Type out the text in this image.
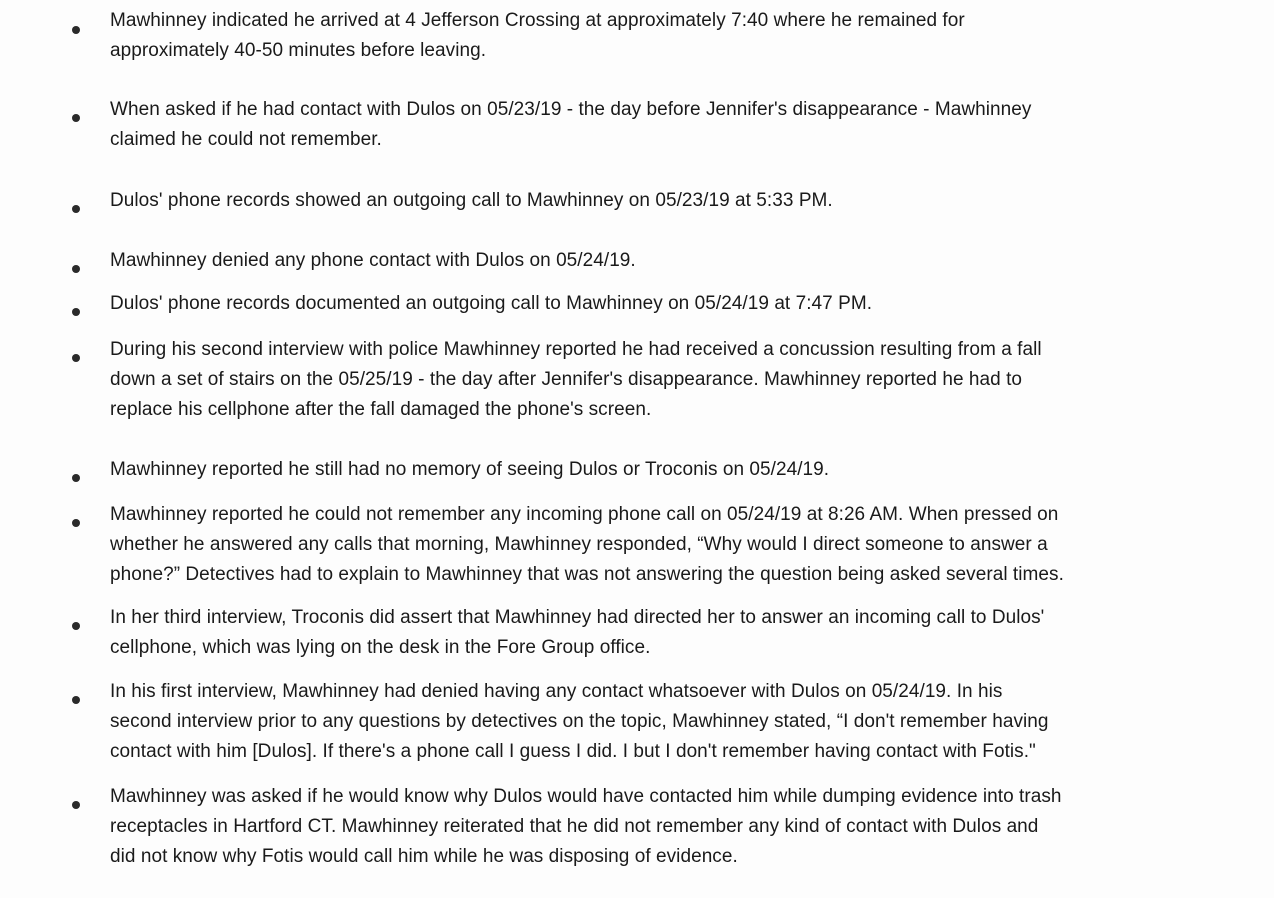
Mawhinney indicated he arrived at 4 Jefferson Crossing at approximately 7:40 where he remained for
approximately 40-50 minutes before leaving.
When asked if he had contact with Dulos on 05/23/19 - the day before Jennifer's disappearance - Mawhinney
claimed he could not remember.
Dulos' phone records showed an outgoing call to Mawhinney on 05/23/19 at 5:33 PM.
Mawhinney denied any phone contact with Dulos on 05/24/19.
Dulos' phone records documented an outgoing call to Mawhinney on 05/24/19 at 7:47 PM.
During his second interview with police Mawhinney reported he had received a concussion resulting from a fall
down a set of stairs on the 05/25/19 - the day after Jennifer's disappearance. Mawhinney reported he had to
replace his cellphone after the fall damaged the phone's screen.
Mawhinney reported he still had no memory of seeing Dulos or Troconis on 05/24/19.
Mawhinney reported he could not remember any incoming phone call on 05/24/19 at 8:26 AM. When pressed on
whether he answered any calls that morning, Mawhinney responded, “Why would I direct someone to answer a
phone?” Detectives had to explain to Mawhinney that was not answering the question being asked several times.
In her third interview, Troconis did assert that Mawhinney had directed her to answer an incoming call to Dulos'
cellphone, which was lying on the desk in the Fore Group office.
In his first interview, Mawhinney had denied having any contact whatsoever with Dulos on 05/24/19. In his
second interview prior to any questions by detectives on the topic, Mawhinney stated, “I don't remember having
contact with him [Dulos]. If there's a phone call I guess I did. I but I don't remember having contact with Fotis."
Mawhinney was asked if he would know why Dulos would have contacted him while dumping evidence into trash
receptacles in Hartford CT. Mawhinney reiterated that he did not remember any kind of contact with Dulos and
did not know why Fotis would call him while he was disposing of evidence.
